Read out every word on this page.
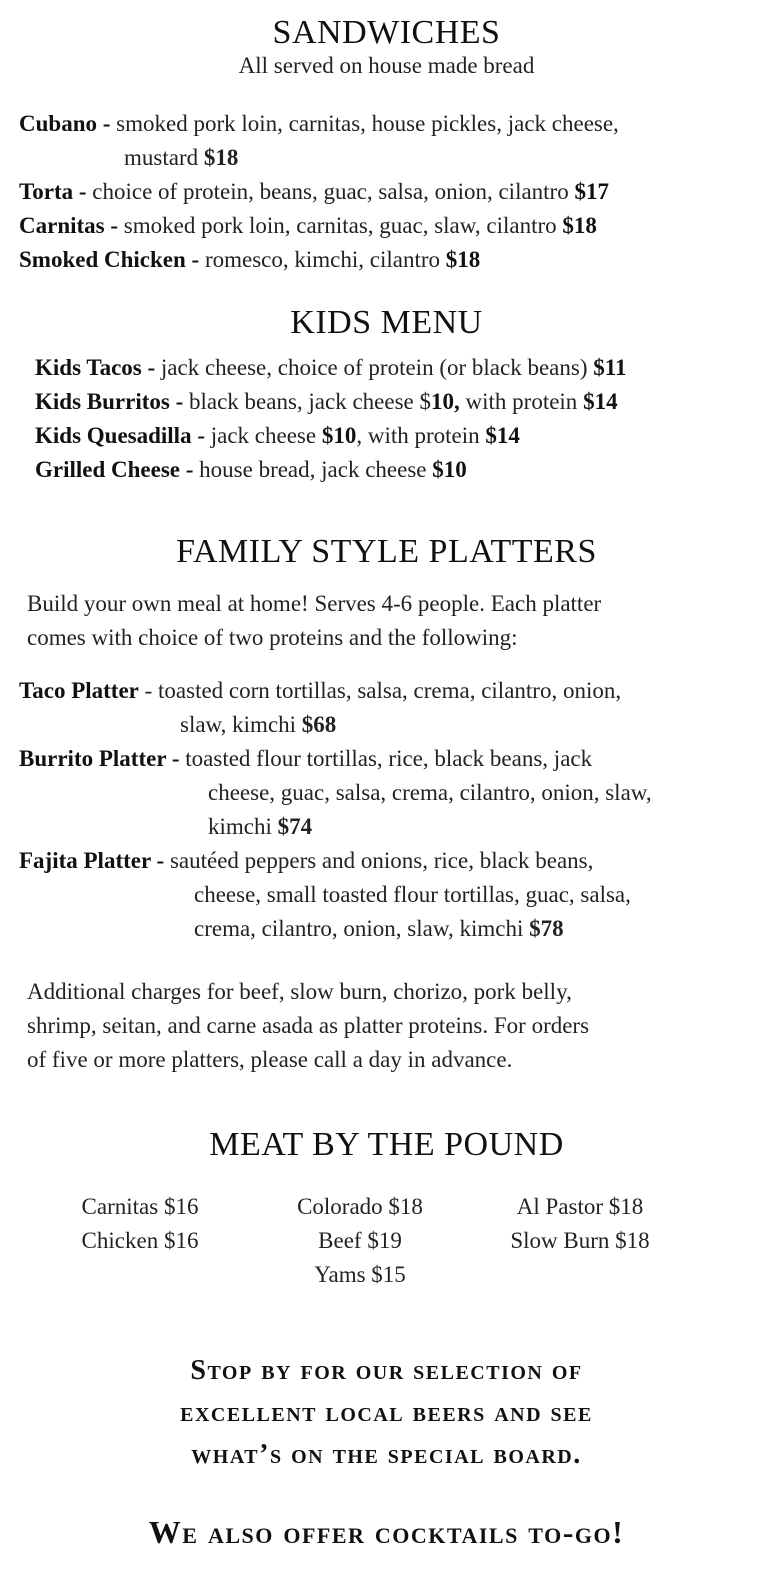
SANDWICHES
All served on house made bread
Cubano - smoked pork loin, carnitas, house pickles, jack cheese,
mustard $18
Torta - choice of protein, beans, guac, salsa, onion, cilantro $17
Carnitas - smoked pork loin, carnitas, guac, slaw, cilantro $18
Smoked Chicken - romesco, kimchi, cilantro $18
KIDS MENU
Kids Tacos - jack cheese, choice of protein (or black beans) $11
Kids Burritos - black beans, jack cheese $10, with protein $14
Kids Quesadilla - jack cheese $10, with protein $14
Grilled Cheese - house bread, jack cheese $10
FAMILY STYLE PLATTERS
Build your own meal at home! Serves 4-6 people. Each platter
comes with choice of two proteins and the following:
Taco Platter - toasted corn tortillas, salsa, crema, cilantro, onion,
slaw, kimchi $68
Burrito Platter - toasted flour tortillas, rice, black beans, jack
cheese, guac, salsa, crema, cilantro, onion, slaw,
kimchi $74
Fajita Platter - sautéed peppers and onions, rice, black beans,
cheese, small toasted flour tortillas, guac, salsa,
crema, cilantro, onion, slaw, kimchi $78
Additional charges for beef, slow burn, chorizo, pork belly,
shrimp, seitan, and carne asada as platter proteins. For orders
of five or more platters, please call a day in advance.
MEAT BY THE POUND
Carnitas $16
Chicken $16
Colorado $18
Beef $19
Yams $15
Al Pastor $18
Slow Burn $18
Stop by for our selection of
excellent local beers and see
what’s on the special board.
We also offer cocktails to-go!
